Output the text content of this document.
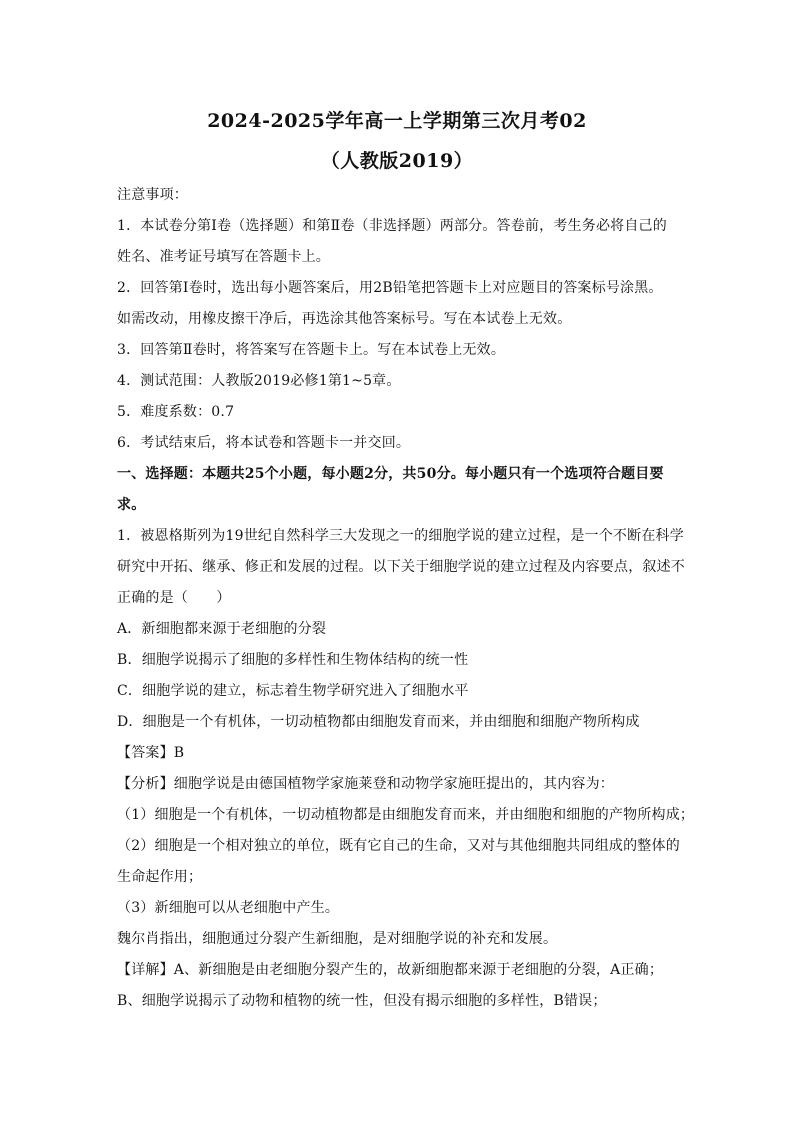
2024-2025学年高一上学期第三次月考02
（人教版2019）
注意事项：
1．本试卷分第Ⅰ卷（选择题）和第Ⅱ卷（非选择题）两部分。答卷前，考生务必将自己的
姓名、准考证号填写在答题卡上。
2．回答第Ⅰ卷时，选出每小题答案后，用2B铅笔把答题卡上对应题目的答案标号涂黑。
如需改动，用橡皮擦干净后，再选涂其他答案标号。写在本试卷上无效。
3．回答第Ⅱ卷时，将答案写在答题卡上。写在本试卷上无效。
4．测试范围：人教版2019必修1第1~5章。
5．难度系数：0.7
6．考试结束后，将本试卷和答题卡一并交回。
一、选择题：本题共25个小题，每小题2分，共50分。每小题只有一个选项符合题目要
求。
1．被恩格斯列为19世纪自然科学三大发现之一的细胞学说的建立过程，是一个不断在科学
研究中开拓、继承、修正和发展的过程。以下关于细胞学说的建立过程及内容要点，叙述不
正确的是（　　）
A．新细胞都来源于老细胞的分裂
B．细胞学说揭示了细胞的多样性和生物体结构的统一性
C．细胞学说的建立，标志着生物学研究进入了细胞水平
D．细胞是一个有机体，一切动植物都由细胞发育而来，并由细胞和细胞产物所构成
【答案】B
【分析】细胞学说是由德国植物学家施莱登和动物学家施旺提出的，其内容为：
（1）细胞是一个有机体，一切动植物都是由细胞发育而来，并由细胞和细胞的产物所构成；
（2）细胞是一个相对独立的单位，既有它自己的生命，又对与其他细胞共同组成的整体的
生命起作用；
（3）新细胞可以从老细胞中产生。
魏尔肖指出，细胞通过分裂产生新细胞，是对细胞学说的补充和发展。
【详解】A、新细胞是由老细胞分裂产生的，故新细胞都来源于老细胞的分裂，A正确；
B、细胞学说揭示了动物和植物的统一性，但没有揭示细胞的多样性，B错误；
